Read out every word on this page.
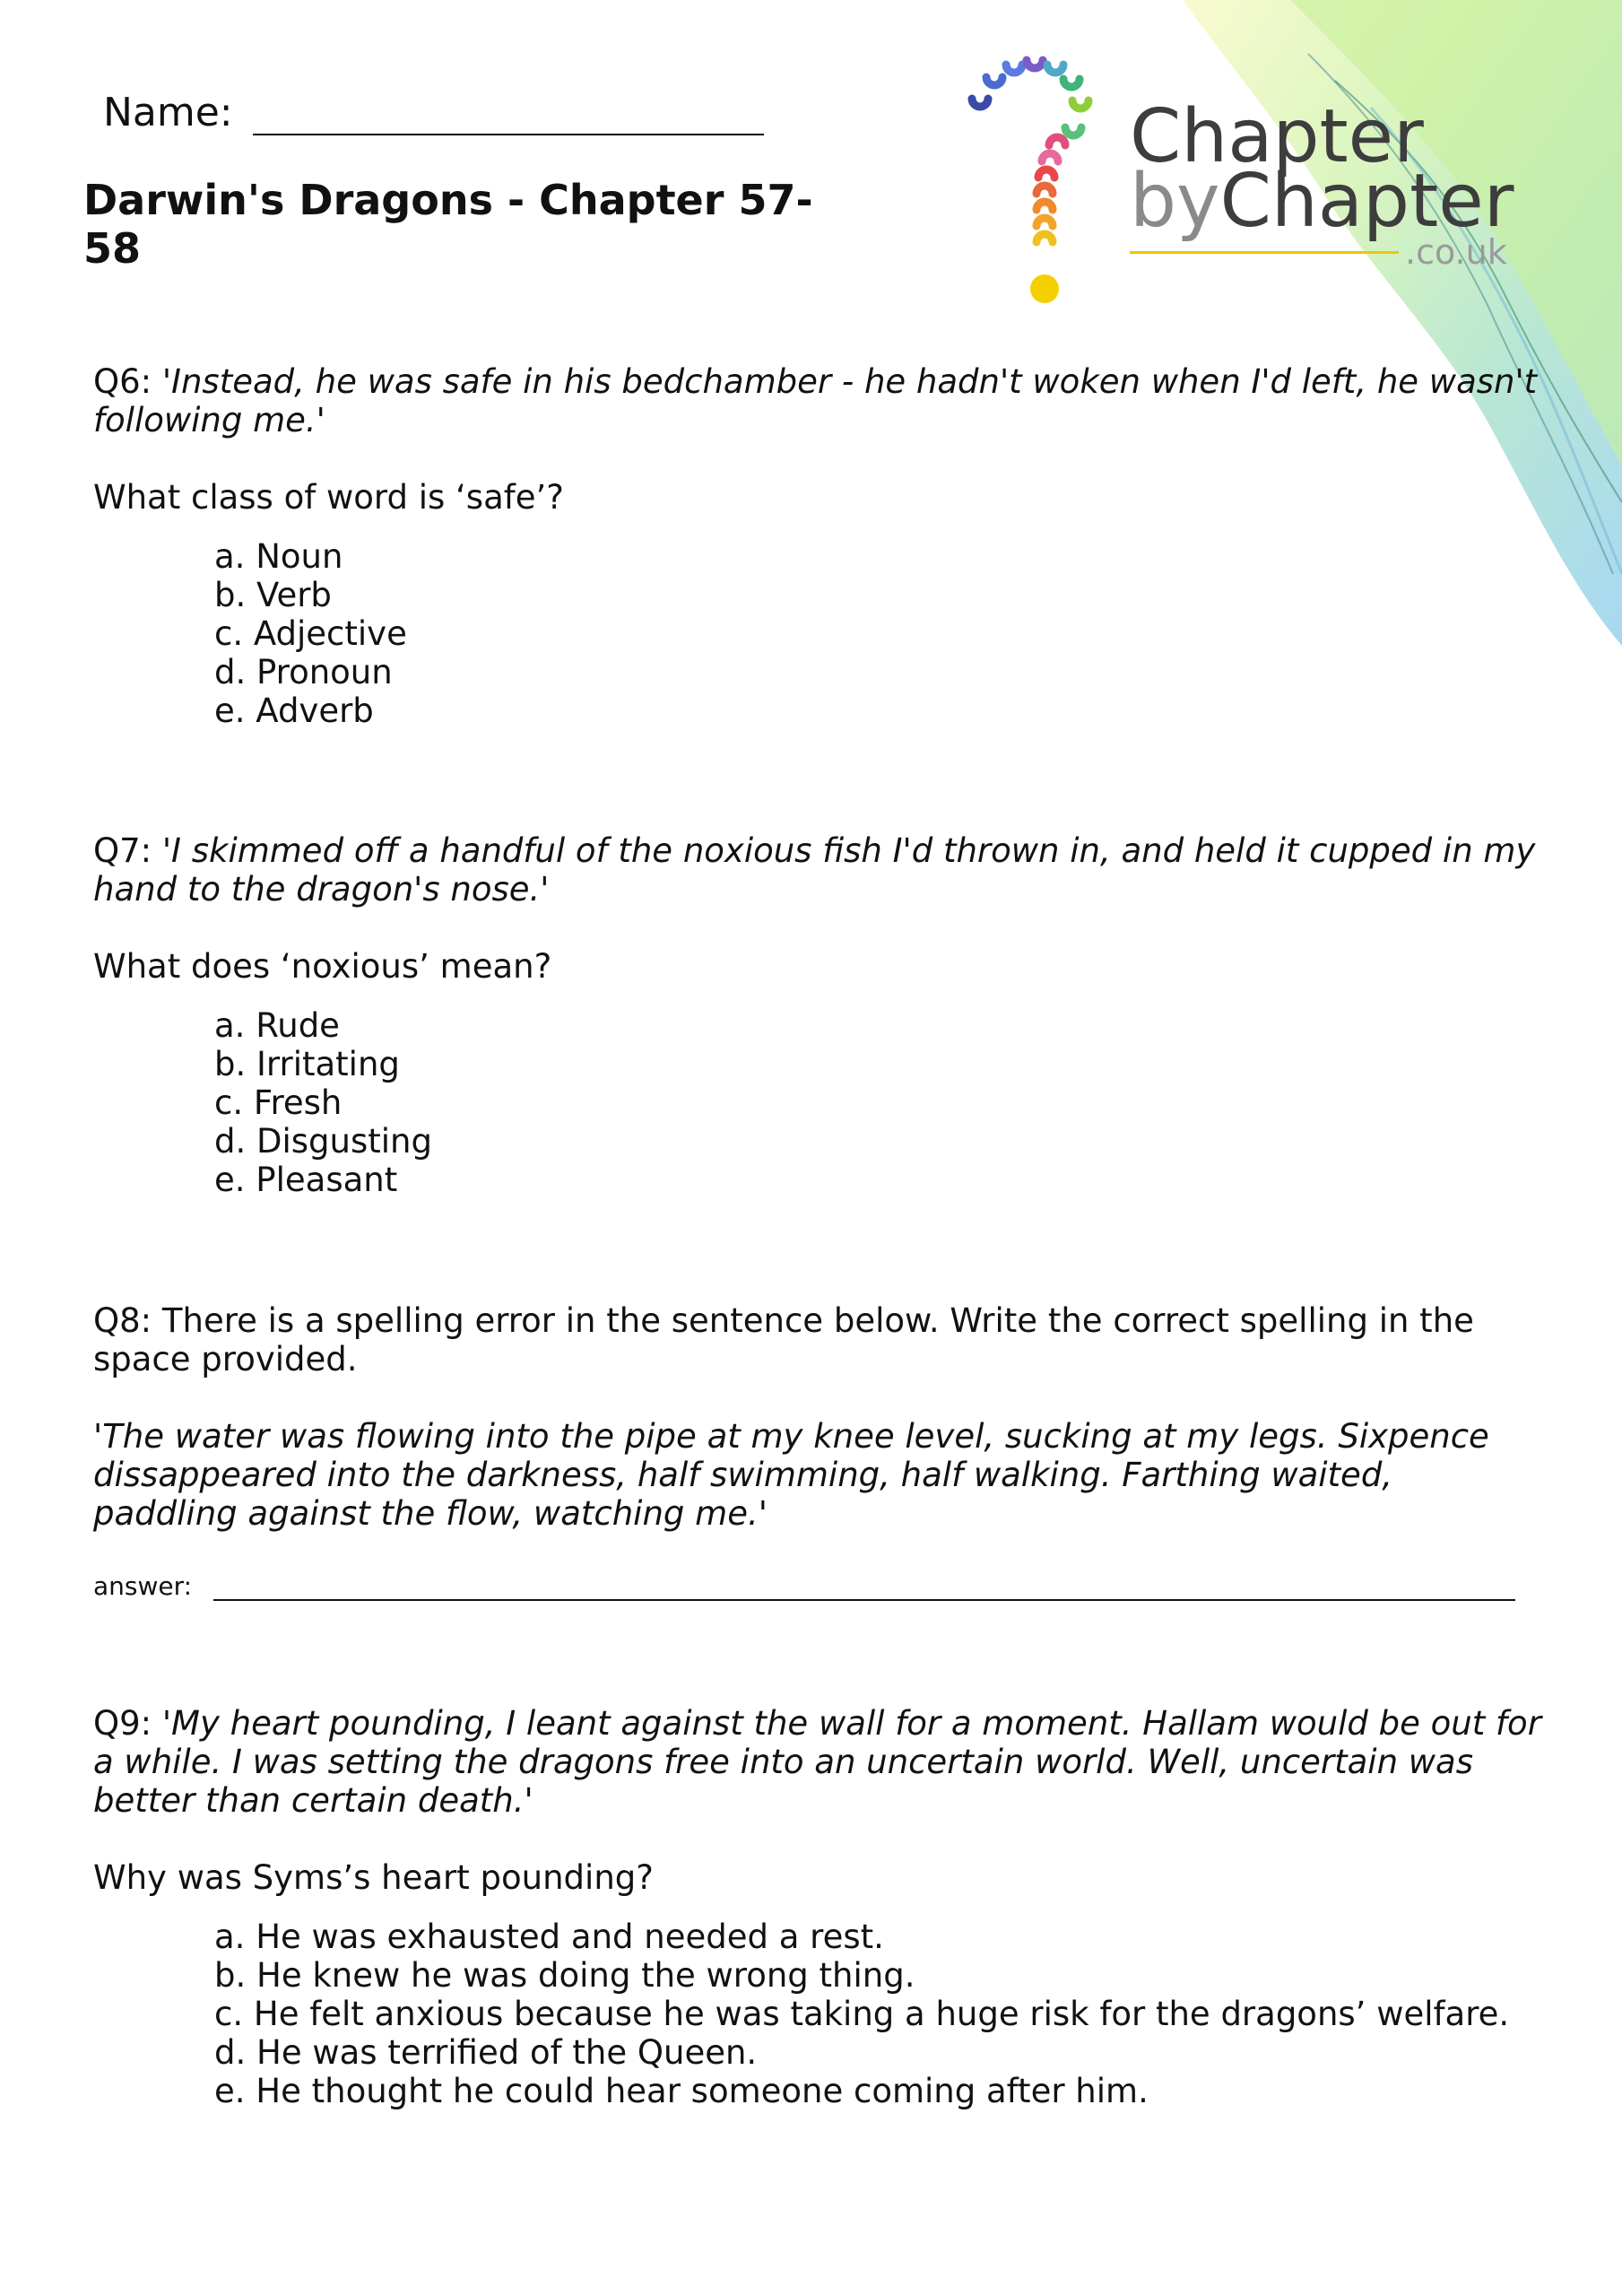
Name:
Darwin's Dragons - Chapter 57-58
Chapter
byChapter
.co.uk

Q6: 'Instead, he was safe in his bedchamber - he hadn't woken when I'd left, he wasn't following me.'

What class of word is ‘safe’?

a. Noun
b. Verb
c. Adjective
d. Pronoun
e. Adverb

Q7: 'I skimmed off a handful of the noxious fish I'd thrown in, and held it cupped in my hand to the dragon's nose.'

What does ‘noxious’ mean?

a. Rude
b. Irritating
c. Fresh
d. Disgusting
e. Pleasant

Q8: There is a spelling error in the sentence below. Write the correct spelling in the space provided.

'The water was flowing into the pipe at my knee level, sucking at my legs. Sixpence dissappeared into the darkness, half swimming, half walking. Farthing waited, paddling against the flow, watching me.'

answer:

Q9: 'My heart pounding, I leant against the wall for a moment. Hallam would be out for a while. I was setting the dragons free into an uncertain world. Well, uncertain was better than certain death.'

Why was Syms’s heart pounding?

a. He was exhausted and needed a rest.
b. He knew he was doing the wrong thing.
c. He felt anxious because he was taking a huge risk for the dragons’ welfare.
d. He was terrified of the Queen.
e. He thought he could hear someone coming after him.
